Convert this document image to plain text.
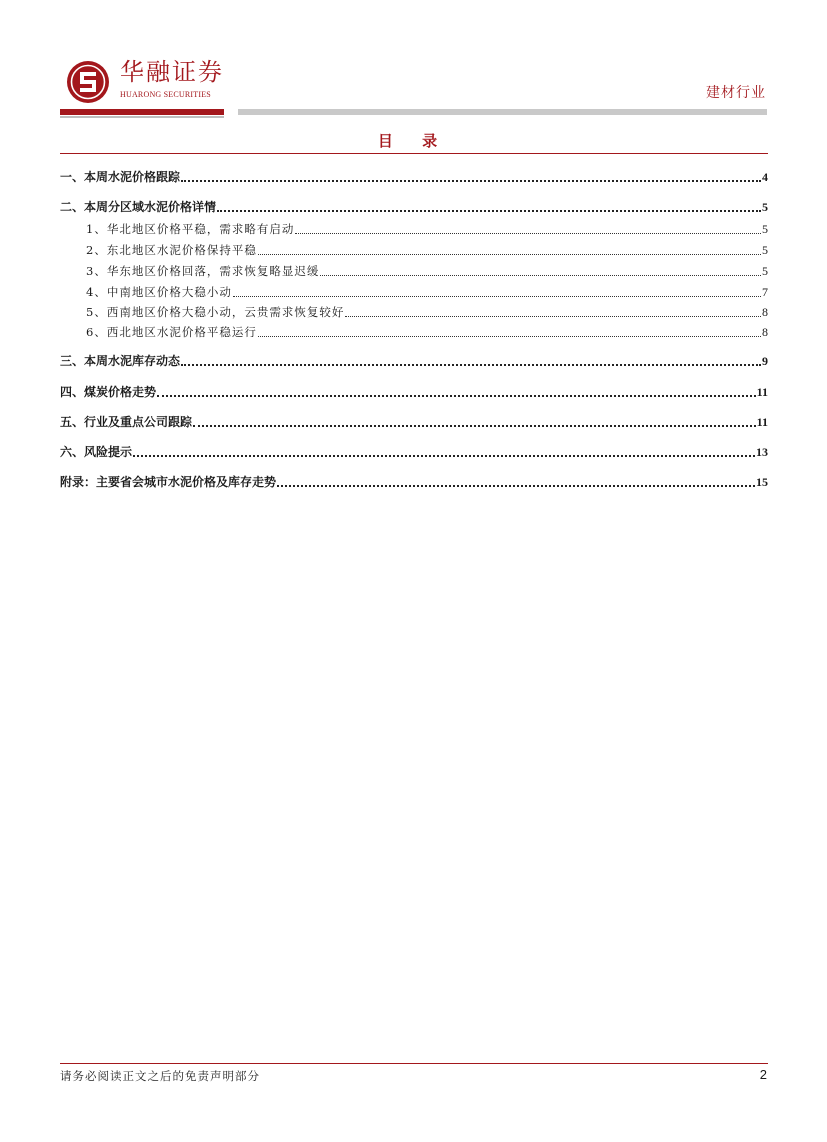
华融证券
HUARONG SECURITIES	建材行业
目 录
一、本周水泥价格跟踪	4
二、本周分区域水泥价格详情	5
1、华北地区价格平稳，需求略有启动	5
2、东北地区水泥价格保持平稳	5
3、华东地区价格回落，需求恢复略显迟缓	5
4、中南地区价格大稳小动	7
5、西南地区价格大稳小动，云贵需求恢复较好	8
6、西北地区水泥价格平稳运行	8
三、本周水泥库存动态	9
四、煤炭价格走势	11
五、行业及重点公司跟踪	11
六、风险提示	13
附录：主要省会城市水泥价格及库存走势	15
请务必阅读正文之后的免责声明部分	2
